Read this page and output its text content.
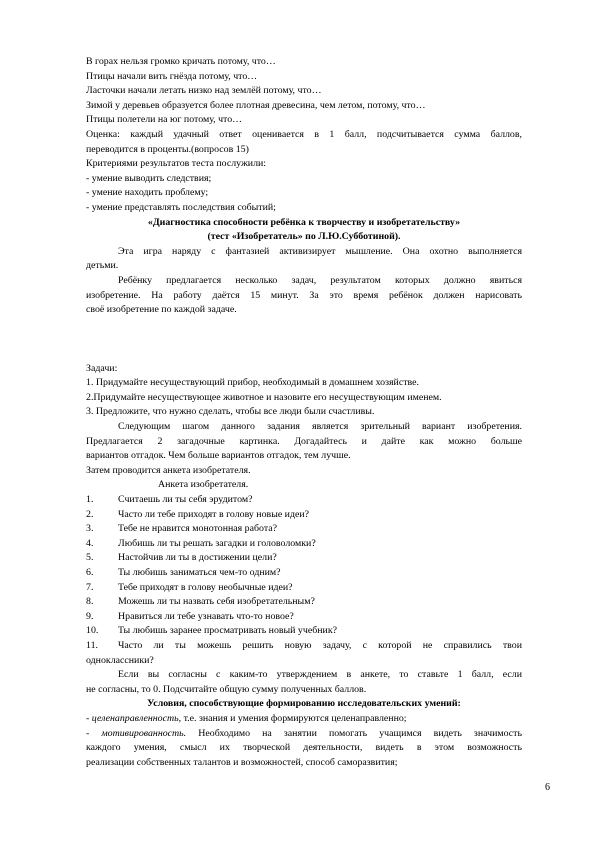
В горах нельзя громко кричать потому, что…
Птицы начали вить гнёзда потому, что…
Ласточки начали летать низко над землёй потому, что…
Зимой у деревьев образуется более плотная древесина, чем летом, потому, что…
Птицы полетели на юг потому, что…
Оценка: каждый удачный ответ оценивается в 1 балл, подсчитывается сумма баллов,
переводится в проценты.(вопросов 15)
Критериями результатов теста послужили:
- умение выводить следствия;
- умение находить проблему;
- умение представлять последствия событий;
«Диагностика способности ребёнка к творчеству и изобретательству»
(тест «Изобретатель» по Л.Ю.Субботиной).
Эта игра наряду с фантазией активизирует мышление. Она охотно выполняется
детьми.
Ребёнку предлагается несколько задач, результатом которых должно явиться
изобретение. На работу даётся 15 минут. За это время ребёнок должен нарисовать
своё изобретение по каждой задаче.
Задачи:
1. Придумайте несуществующий прибор, необходимый в домашнем хозяйстве.
2.Придумайте несуществующее животное и назовите его несуществующим именем.
3. Предложите, что нужно сделать, чтобы все люди были счастливы.
Следующим шагом данного задания является зрительный вариант изобретения.
Предлагается 2 загадочные картинка. Догадайтесь и дайте как можно больше
вариантов отгадок. Чем больше вариантов отгадок, тем лучше.
Затем проводится анкета изобретателя.
Анкета изобретателя.
1. Считаешь ли ты себя эрудитом?
2. Часто ли тебе приходят в голову новые идеи?
3. Тебе не нравится монотонная работа?
4. Любишь ли ты решать загадки и головоломки?
5. Настойчив ли ты в достижении цели?
6. Ты любишь заниматься чем-то одним?
7. Тебе приходят в голову необычные идеи?
8. Можешь ли ты назвать себя изобретательным?
9. Нравиться ли тебе узнавать что-то новое?
10. Ты любишь заранее просматривать новый учебник?
11.	Часто ли ты можешь решить новую задачу, с которой не справились твои
одноклассники?
Если вы согласны с каким-то утверждением в анкете, то ставьте 1 балл, если
не согласны, то 0. Подсчитайте общую сумму полученных баллов.
Условия, способствующие формированию исследовательских умений:
- целенаправленность, т.е. знания и умения формируются целенаправленно;
- мотивированность. Необходимо на занятии помогать учащимся видеть значимость
каждого умения, смысл их творческой деятельности, видеть в этом возможность
реализации собственных талантов и возможностей, способ саморазвития;
6
